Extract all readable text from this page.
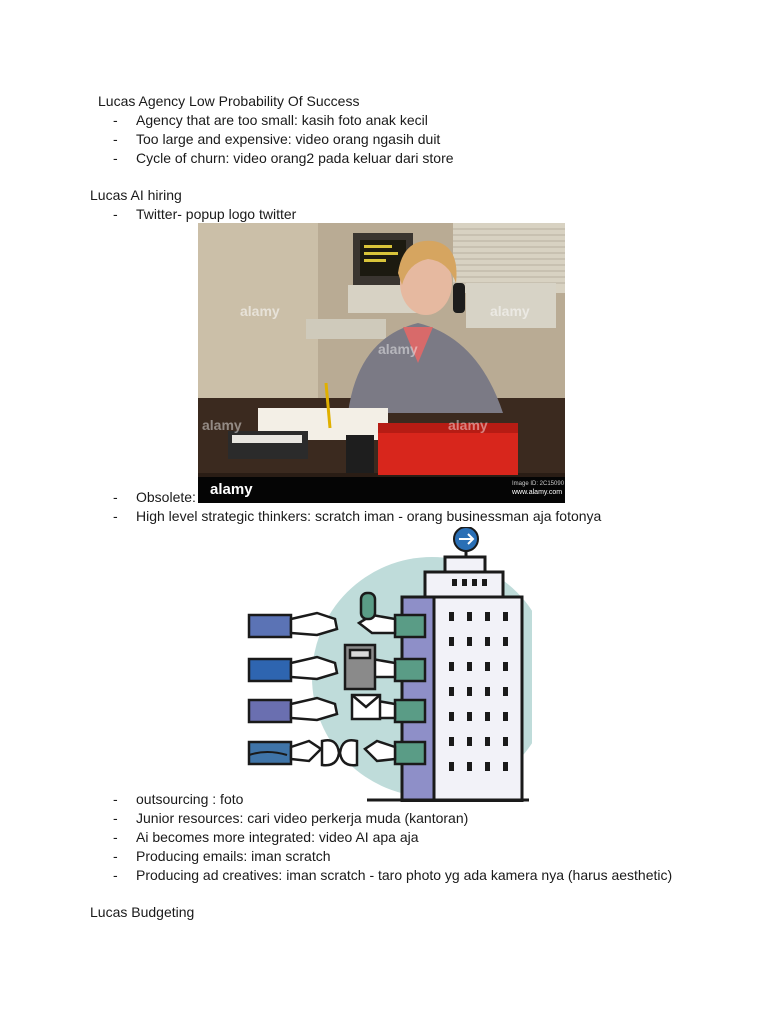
Lucas Agency Low Probability Of Success
-	Agency that are too small: kasih foto anak kecil
-	Too large and expensive: video orang ngasih duit
-	Cycle of churn: video orang2 pada keluar dari store
Lucas AI hiring
-	Twitter- popup logo twitter
alamy
alamy
alamy
alamy	alamy
alamy	Image ID: 2C15090
www.alamy.com
-	Obsolete:
-	High level strategic thinkers: scratch iman - orang businessman aja fotonya
-	outsourcing : foto
-	Junior resources: cari video perkerja muda (kantoran)
-	Ai becomes more integrated: video AI apa aja
-	Producing emails: iman scratch
-	Producing ad creatives: iman scratch - taro photo yg ada kamera nya (harus aesthetic)
Lucas Budgeting
